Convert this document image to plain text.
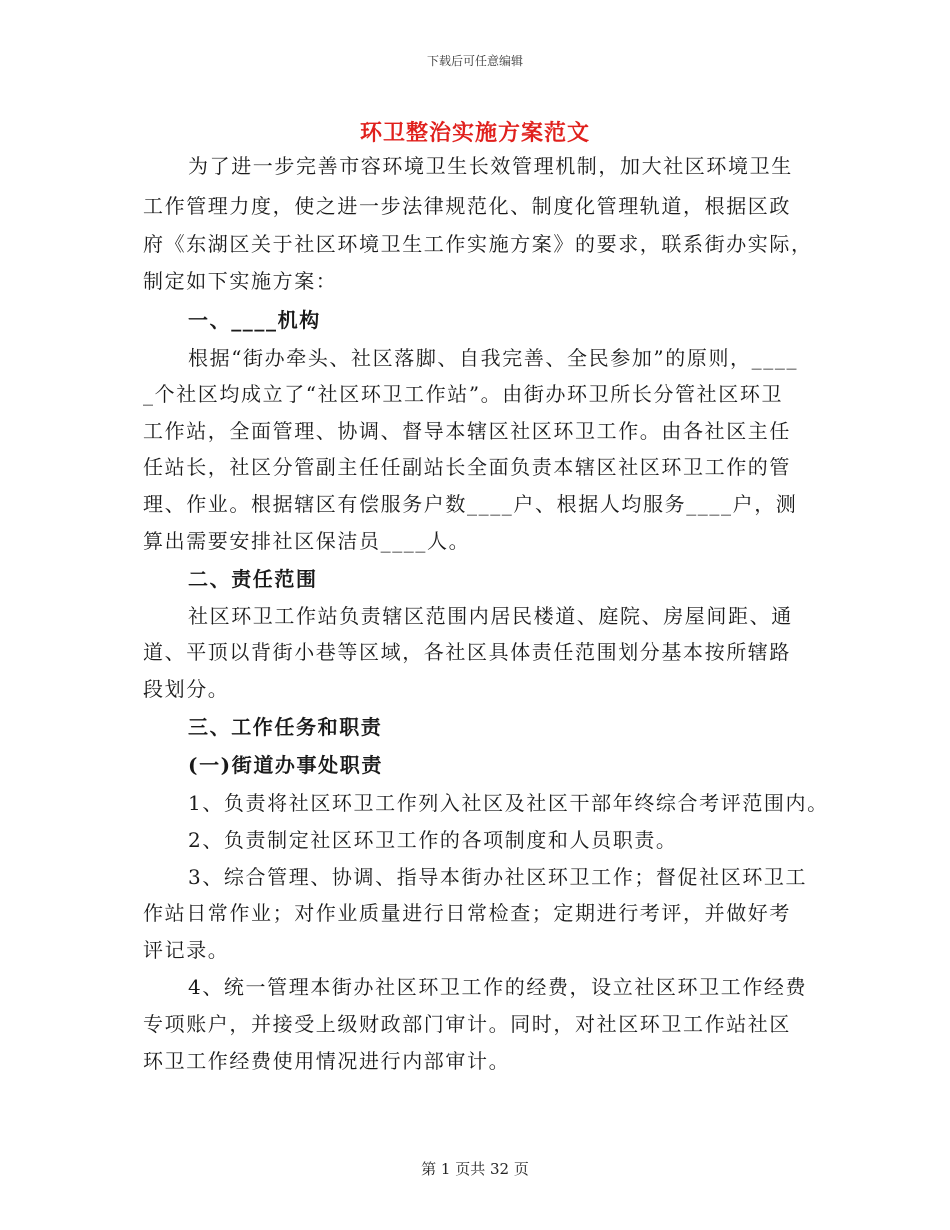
下载后可任意编辑
环卫整治实施方案范文
为了进一步完善市容环境卫生长效管理机制，加大社区环境卫生
工作管理力度，使之进一步法律规范化、制度化管理轨道，根据区政
府《东湖区关于社区环境卫生工作实施方案》的要求，联系街办实际，
制定如下实施方案：
一、____机构
根据“街办牵头、社区落脚、自我完善、全民参加”的原则，____
_个社区均成立了“社区环卫工作站”。由街办环卫所长分管社区环卫
工作站，全面管理、协调、督导本辖区社区环卫工作。由各社区主任
任站长，社区分管副主任任副站长全面负责本辖区社区环卫工作的管
理、作业。根据辖区有偿服务户数____户、根据人均服务____户，测
算出需要安排社区保洁员____人。
二、责任范围
社区环卫工作站负责辖区范围内居民楼道、庭院、房屋间距、通
道、平顶以背街小巷等区域，各社区具体责任范围划分基本按所辖路
段划分。
三、工作任务和职责
(一)街道办事处职责
1、负责将社区环卫工作列入社区及社区干部年终综合考评范围内。
2、负责制定社区环卫工作的各项制度和人员职责。
3、综合管理、协调、指导本街办社区环卫工作；督促社区环卫工
作站日常作业；对作业质量进行日常检查；定期进行考评，并做好考
评记录。
4、统一管理本街办社区环卫工作的经费，设立社区环卫工作经费
专项账户，并接受上级财政部门审计。同时，对社区环卫工作站社区
环卫工作经费使用情况进行内部审计。
第 1 页共 32 页
